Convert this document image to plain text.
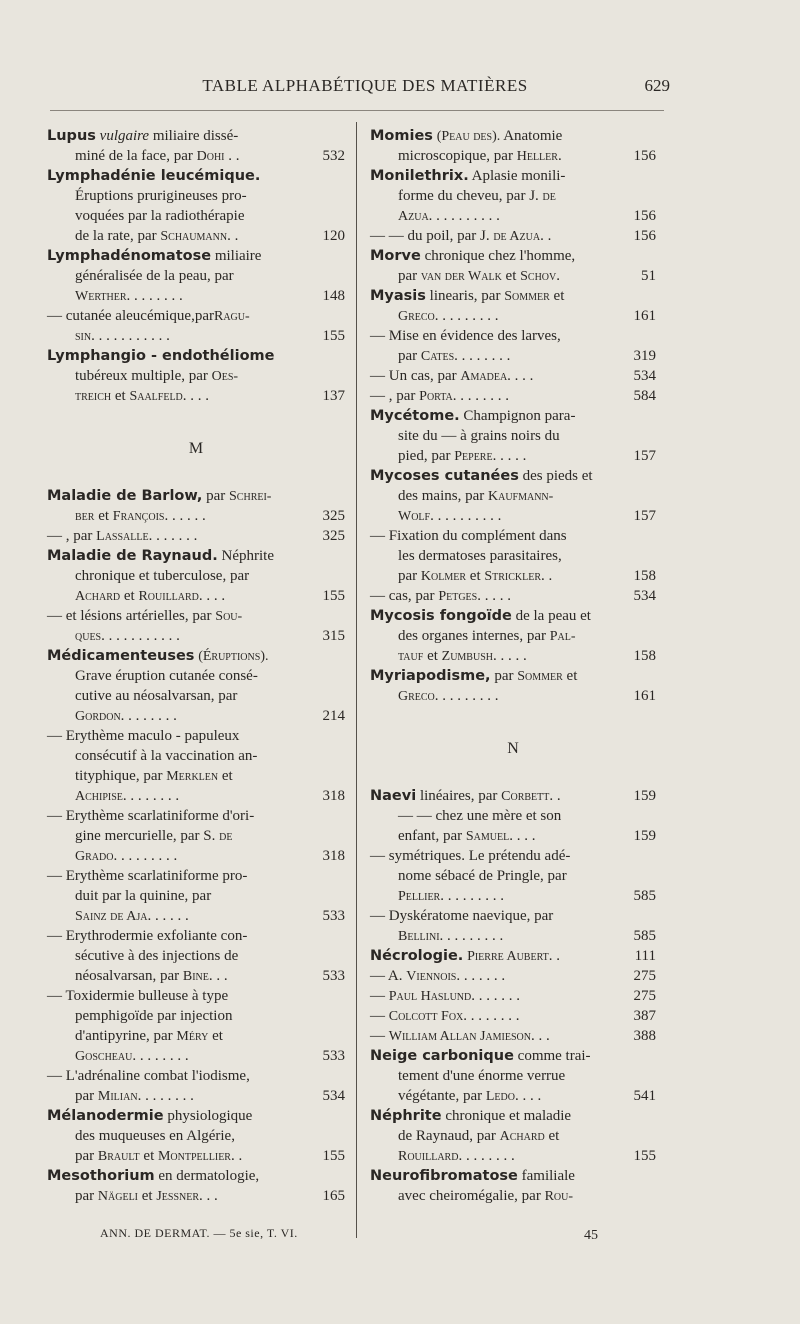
TABLE ALPHABÉTIQUE DES MATIÈRES	629
Lupus vulgaire miliaire dissé-
miné de la face, par Dohi . .	532
Lymphadénie leucémique.
Éruptions prurigineuses pro-
voquées par la radiothérapie
de la rate, par Schaumann. .	120
Lymphadénomatose miliaire
généralisée de la peau, par
Werther. . . . . . . .	148
— cutanée aleucémique,parRagu-
sin. . . . . . . . . . .	155
Lymphangio - endothéliome
tubéreux multiple, par Oes-
treich et Saalfeld. . . .	137
M
Maladie de Barlow, par Schrei-
ber et François. . . . . .	325
— , par Lassalle. . . . . . .	325
Maladie de Raynaud. Néphrite
chronique et tuberculose, par
Achard et Rouillard. . . .	155
— et lésions artérielles, par Sou-
ques. . . . . . . . . . .	315
Médicamenteuses (Éruptions).
Grave éruption cutanée consé-
cutive au néosalvarsan, par
Gordon. . . . . . . .	214
— Erythème maculo - papuleux
consécutif à la vaccination an-
tityphique, par Merklen et
Achipise. . . . . . . .	318
— Erythème scarlatiniforme d'ori-
gine mercurielle, par S. de
Grado. . . . . . . . .	318
— Erythème scarlatiniforme pro-
duit par la quinine, par
Sainz de Aja. . . . . .	533
— Erythrodermie exfoliante con-
sécutive à des injections de
néosalvarsan, par Bine. . .	533
— Toxidermie bulleuse à type
pemphigoïde par injection
d'antipyrine, par Méry et
Goscheau. . . . . . . .	533
— L'adrénaline combat l'iodisme,
par Milian. . . . . . . .	534
Mélanodermie physiologique
des muqueuses en Algérie,
par Brault et Montpellier. .	155
Mesothorium en dermatologie,
par Nägeli et Jessner. . .	165
Momies (Peau des). Anatomie
microscopique, par Heller.	156
Monilethrix. Aplasie monili-
forme du cheveu, par J. de
Azua. . . . . . . . . .	156
— — du poil, par J. de Azua. .	156
Morve chronique chez l'homme,
par van der Walk et Schov.	51
Myasis linearis, par Sommer et
Greco. . . . . . . . .	161
— Mise en évidence des larves,
par Cates. . . . . . . .	319
— Un cas, par Amadea. . . .	534
— , par Porta. . . . . . . .	584
Mycétome. Champignon para-
site du — à grains noirs du
pied, par Pepere. . . . .	157
Mycoses cutanées des pieds et
des mains, par Kaufmann-
Wolf. . . . . . . . . .	157
— Fixation du complément dans
les dermatoses parasitaires,
par Kolmer et Strickler. .	158
— cas, par Petges. . . . .	534
Mycosis fongoïde de la peau et
des organes internes, par Pal-
tauf et Zumbush. . . . .	158
Myriapodisme, par Sommer et
Greco. . . . . . . . .	161
N
Naevi linéaires, par Corbett. .	159
— — chez une mère et son
enfant, par Samuel. . . .	159
— symétriques. Le prétendu adé-
nome sébacé de Pringle, par
Pellier. . . . . . . . .	585
— Dyskératome naevique, par
Bellini. . . . . . . . .	585
Nécrologie. Pierre Aubert. .	111
— A. Viennois. . . . . . .	275
— Paul Haslund. . . . . . .	275
— Colcott Fox. . . . . . . .	387
— William Allan Jamieson. . .	388
Neige carbonique comme trai-
tement d'une énorme verrue
végétante, par Ledo. . . .	541
Néphrite chronique et maladie
de Raynaud, par Achard et
Rouillard. . . . . . . .	155
Neurofibromatose familiale
avec cheiromégalie, par Rou-
ANN. DE DERMAT. — 5e sie, T. VI.	45
